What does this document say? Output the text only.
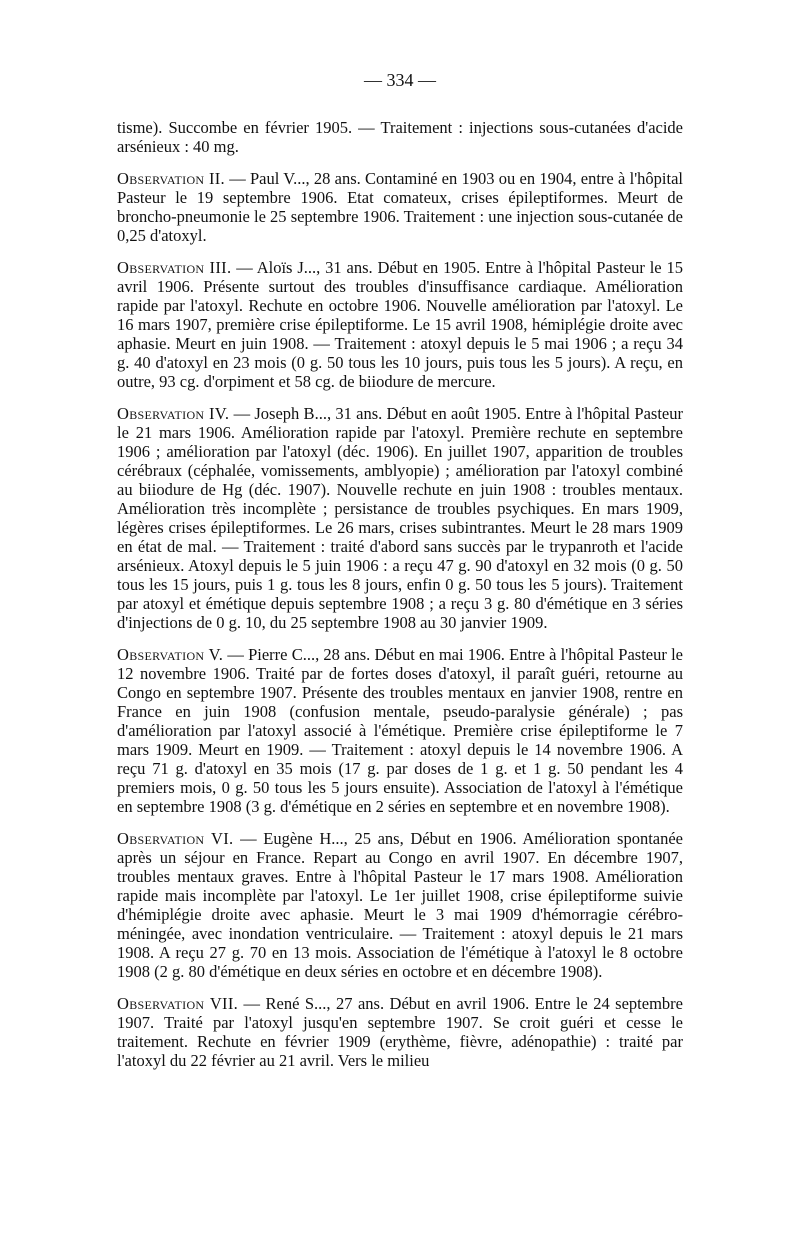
— 334 —

tisme). Succombe en février 1905. — Traitement : injections sous-cutanées d'acide arsénieux : 40 mg.

Observation II. — Paul V..., 28 ans. Contaminé en 1903 ou en 1904, entre à l'hôpital Pasteur le 19 septembre 1906. Etat comateux, crises épileptiformes. Meurt de broncho-pneumonie le 25 septembre 1906. Traitement : une injection sous-cutanée de 0,25 d'atoxyl.

Observation III. — Aloïs J..., 31 ans. Début en 1905. Entre à l'hôpital Pasteur le 15 avril 1906. Présente surtout des troubles d'insuffisance cardiaque. Amélioration rapide par l'atoxyl. Rechute en octobre 1906. Nouvelle amélioration par l'atoxyl. Le 16 mars 1907, première crise épileptiforme. Le 15 avril 1908, hémiplégie droite avec aphasie. Meurt en juin 1908. — Traitement : atoxyl depuis le 5 mai 1906 ; a reçu 34 g. 40 d'atoxyl en 23 mois (0 g. 50 tous les 10 jours, puis tous les 5 jours). A reçu, en outre, 93 cg. d'orpiment et 58 cg. de biiodure de mercure.

Observation IV. — Joseph B..., 31 ans. Début en août 1905. Entre à l'hôpital Pasteur le 21 mars 1906. Amélioration rapide par l'atoxyl. Première rechute en septembre 1906 ; amélioration par l'atoxyl (déc. 1906). En juillet 1907, apparition de troubles cérébraux (céphalée, vomissements, amblyopie) ; amélioration par l'atoxyl combiné au biiodure de Hg (déc. 1907). Nouvelle rechute en juin 1908 : troubles mentaux. Amélioration très incomplète ; persistance de troubles psychiques. En mars 1909, légères crises épileptiformes. Le 26 mars, crises subintrantes. Meurt le 28 mars 1909 en état de mal. — Traitement : traité d'abord sans succès par le trypanroth et l'acide arsénieux. Atoxyl depuis le 5 juin 1906 : a reçu 47 g. 90 d'atoxyl en 32 mois (0 g. 50 tous les 15 jours, puis 1 g. tous les 8 jours, enfin 0 g. 50 tous les 5 jours). Traitement par atoxyl et émétique depuis septembre 1908 ; a reçu 3 g. 80 d'émétique en 3 séries d'injections de 0 g. 10, du 25 septembre 1908 au 30 janvier 1909.

Observation V. — Pierre C..., 28 ans. Début en mai 1906. Entre à l'hôpital Pasteur le 12 novembre 1906. Traité par de fortes doses d'atoxyl, il paraît guéri, retourne au Congo en septembre 1907. Présente des troubles mentaux en janvier 1908, rentre en France en juin 1908 (confusion mentale, pseudo-paralysie générale) ; pas d'amélioration par l'atoxyl associé à l'émétique. Première crise épileptiforme le 7 mars 1909. Meurt en 1909. — Traitement : atoxyl depuis le 14 novembre 1906. A reçu 71 g. d'atoxyl en 35 mois (17 g. par doses de 1 g. et 1 g. 50 pendant les 4 premiers mois, 0 g. 50 tous les 5 jours ensuite). Association de l'atoxyl à l'émétique en septembre 1908 (3 g. d'émétique en 2 séries en septembre et en novembre 1908).

Observation VI. — Eugène H..., 25 ans, Début en 1906. Amélioration spontanée après un séjour en France. Repart au Congo en avril 1907. En décembre 1907, troubles mentaux graves. Entre à l'hôpital Pasteur le 17 mars 1908. Amélioration rapide mais incomplète par l'atoxyl. Le 1er juillet 1908, crise épileptiforme suivie d'hémiplégie droite avec aphasie. Meurt le 3 mai 1909 d'hémorragie cérébro-méningée, avec inondation ventriculaire. — Traitement : atoxyl depuis le 21 mars 1908. A reçu 27 g. 70 en 13 mois. Association de l'émétique à l'atoxyl le 8 octobre 1908 (2 g. 80 d'émétique en deux séries en octobre et en décembre 1908).

Observation VII. — René S..., 27 ans. Début en avril 1906. Entre le 24 septembre 1907. Traité par l'atoxyl jusqu'en septembre 1907. Se croit guéri et cesse le traitement. Rechute en février 1909 (erythème, fièvre, adénopathie) : traité par l'atoxyl du 22 février au 21 avril. Vers le milieu
